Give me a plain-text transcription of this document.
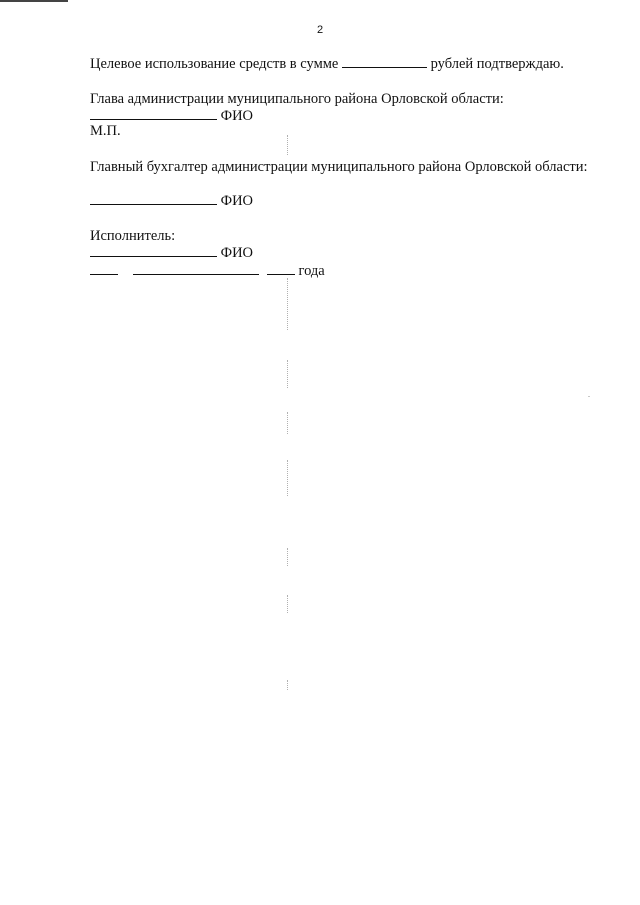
2
Целевое использование средств в сумме	рублей подтверждаю.
Глава администрации муниципального района Орловской области:
ФИО
М.П.
Главный бухгалтер администрации муниципального района Орловской области:
ФИО
Исполнитель:
ФИО
года
